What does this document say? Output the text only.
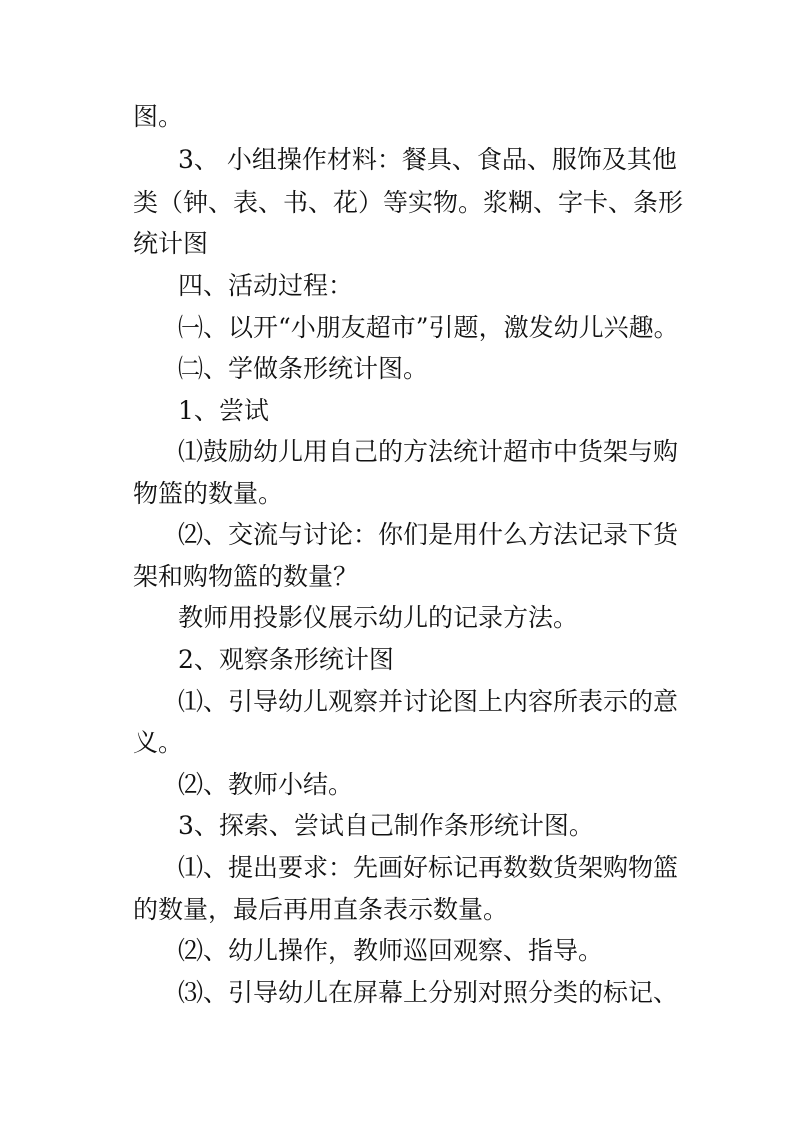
图。
3、 小组操作材料：餐具、食品、服饰及其他
类（钟、表、书、花）等实物。浆糊、字卡、条形
统计图
四、活动过程：
㈠、以开“小朋友超市”引题，激发幼儿兴趣。
㈡、学做条形统计图。
1、尝试
⑴鼓励幼儿用自己的方法统计超市中货架与购
物篮的数量。
⑵、交流与讨论：你们是用什么方法记录下货
架和购物篮的数量？
教师用投影仪展示幼儿的记录方法。
2、观察条形统计图
⑴、引导幼儿观察并讨论图上内容所表示的意
义。
⑵、教师小结。
3、探索、尝试自己制作条形统计图。
⑴、提出要求：先画好标记再数数货架购物篮
的数量，最后再用直条表示数量。
⑵、幼儿操作，教师巡回观察、指导。
⑶、引导幼儿在屏幕上分别对照分类的标记、
